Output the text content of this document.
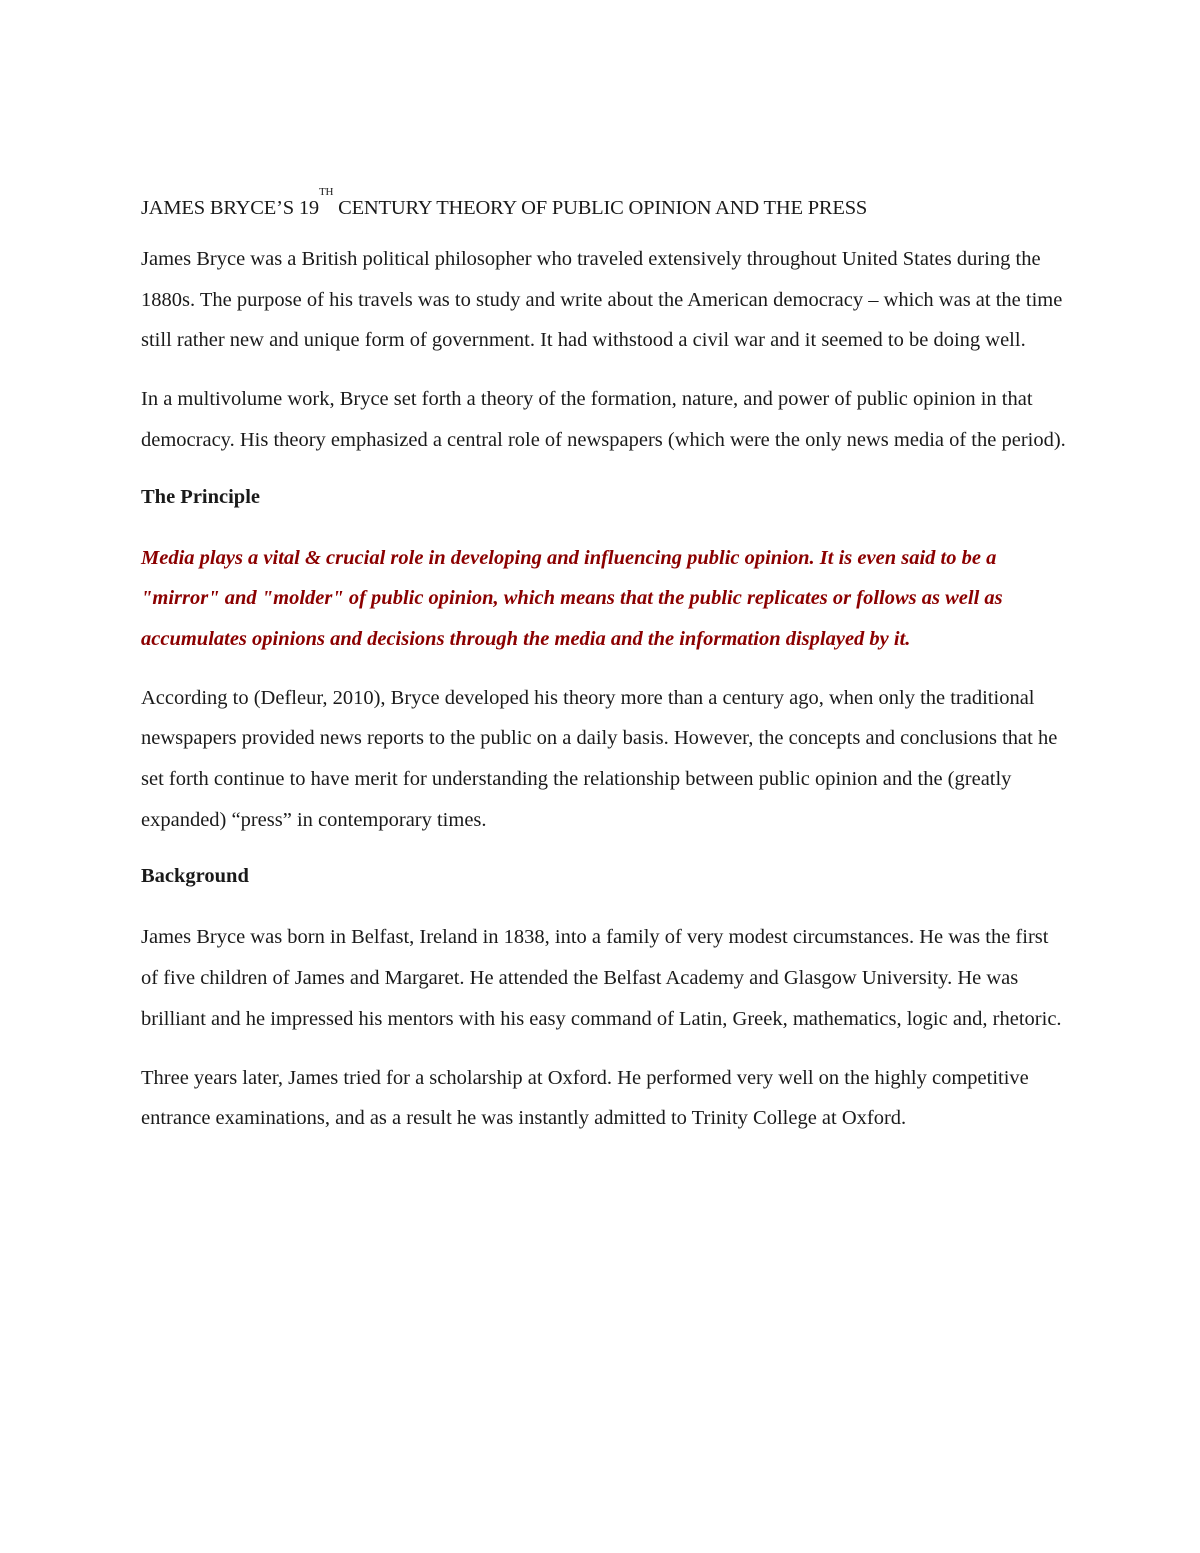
JAMES BRYCE’S 19TH CENTURY THEORY OF PUBLIC OPINION AND THE PRESS

James Bryce was a British political philosopher who traveled extensively throughout United States during the 1880s. The purpose of his travels was to study and write about the American democracy – which was at the time still rather new and unique form of government. It had withstood a civil war and it seemed to be doing well.

In a multivolume work, Bryce set forth a theory of the formation, nature, and power of public opinion in that democracy. His theory emphasized a central role of newspapers (which were the only news media of the period).

The Principle

Media plays a vital & crucial role in developing and influencing public opinion. It is even said to be a "mirror" and "molder" of public opinion, which means that the public replicates or follows as well as accumulates opinions and decisions through the media and the information displayed by it.

According to (Defleur, 2010), Bryce developed his theory more than a century ago, when only the traditional newspapers provided news reports to the public on a daily basis. However, the concepts and conclusions that he set forth continue to have merit for understanding the relationship between public opinion and the (greatly expanded) “press” in contemporary times.

Background

James Bryce was born in Belfast, Ireland in 1838, into a family of very modest circumstances. He was the first of five children of James and Margaret. He attended the Belfast Academy and Glasgow University. He was brilliant and he impressed his mentors with his easy command of Latin, Greek, mathematics, logic and, rhetoric.

Three years later, James tried for a scholarship at Oxford. He performed very well on the highly competitive entrance examinations, and as a result he was instantly admitted to Trinity College at Oxford.
